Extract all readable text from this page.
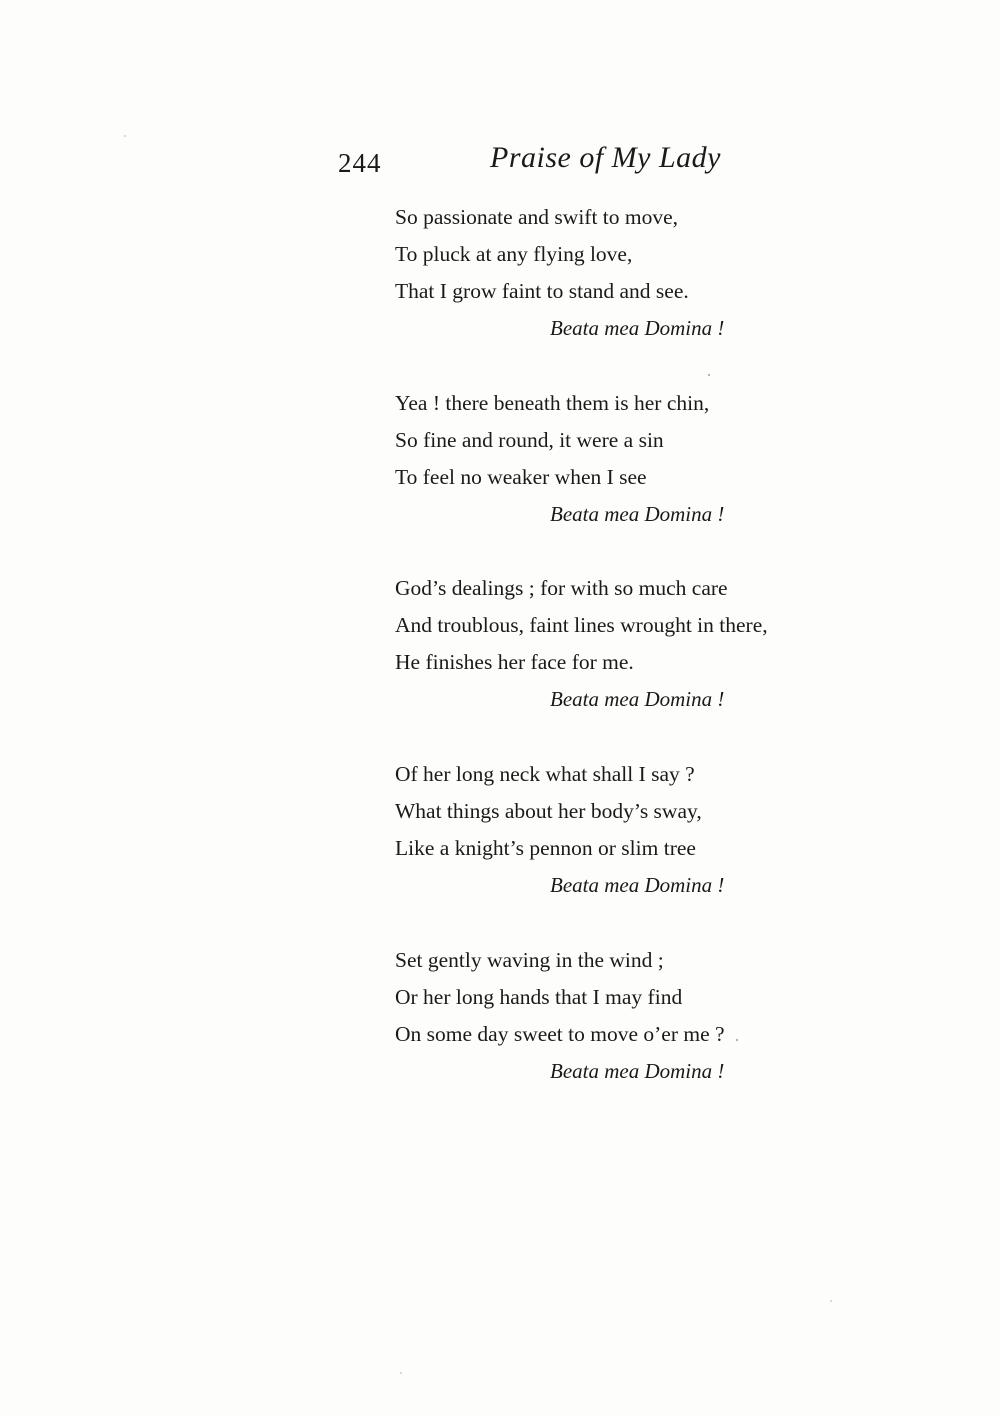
244	Praise of My Lady
So passionate and swift to move,
To pluck at any flying love,
That I grow faint to stand and see.
Beata mea Domina !
Yea ! there beneath them is her chin,
So fine and round, it were a sin
To feel no weaker when I see
Beata mea Domina !
God’s dealings ; for with so much care
And troublous, faint lines wrought in there,
He finishes her face for me.
Beata mea Domina !
Of her long neck what shall I say ?
What things about her body’s sway,
Like a knight’s pennon or slim tree
Beata mea Domina !
Set gently waving in the wind ;
Or her long hands that I may find
On some day sweet to move o’er me ?
Beata mea Domina !
